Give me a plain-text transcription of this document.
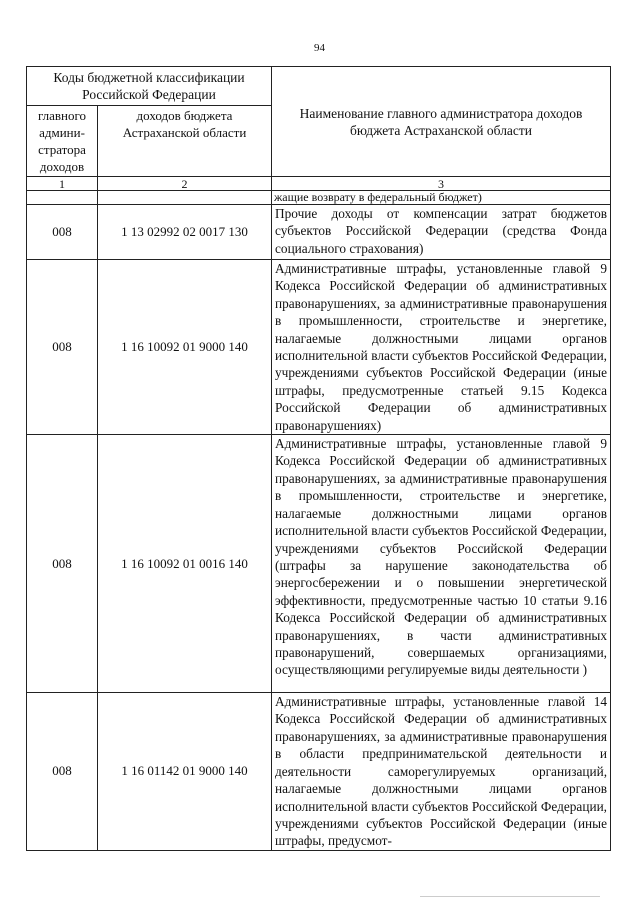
94
Коды бюджетной классификации Российской Федерации		Наименование главного администратора доходов бюджета Астраханской области
главного админи-стратора доходов	доходов бюджета Астраханской области	
1	2	3
		жащие возврату в федеральный бюджет)
008	1 13 02992 02 0017 130	Прочие доходы от компенсации затрат бюджетов субъектов Российской Федерации (средства Фонда социального страхования)
008	1 16 10092 01 9000 140	Административные штрафы, установленные главой 9 Кодекса Российской Федерации об административных правонарушениях, за административные правонарушения в промышленности, строительстве и энергетике, налагаемые должностными лицами органов исполнительной власти субъектов Российской Федерации, учреждениями субъектов Российской Федерации (иные штрафы, предусмотренные статьей 9.15 Кодекса Российской Федерации об административных правонарушениях)
008	1 16 10092 01 0016 140	Административные штрафы, установленные главой 9 Кодекса Российской Федерации об административных правонарушениях, за административные правонарушения в промышленности, строительстве и энергетике, налагаемые должностными лицами органов исполнительной власти субъектов Российской Федерации, учреждениями субъектов Российской Федерации (штрафы за нарушение законодательства об энергосбережении и о повышении энергетической эффективности, предусмотренные частью 10 статьи 9.16 Кодекса Российской Федерации об административных правонарушениях, в части административных правонарушений, совершаемых организациями, осуществляющими регулируемые виды деятельности )
008	1 16 01142 01 9000 140	Административные штрафы, установленные главой 14 Кодекса Российской Федерации об административных правонарушениях, за административные правонарушения в области предпринимательской деятельности и деятельности саморегулируемых организаций, налагаемые должностными лицами органов исполнительной власти субъектов Российской Федерации, учреждениями субъектов Российской Федерации (иные штрафы, предусмот-
